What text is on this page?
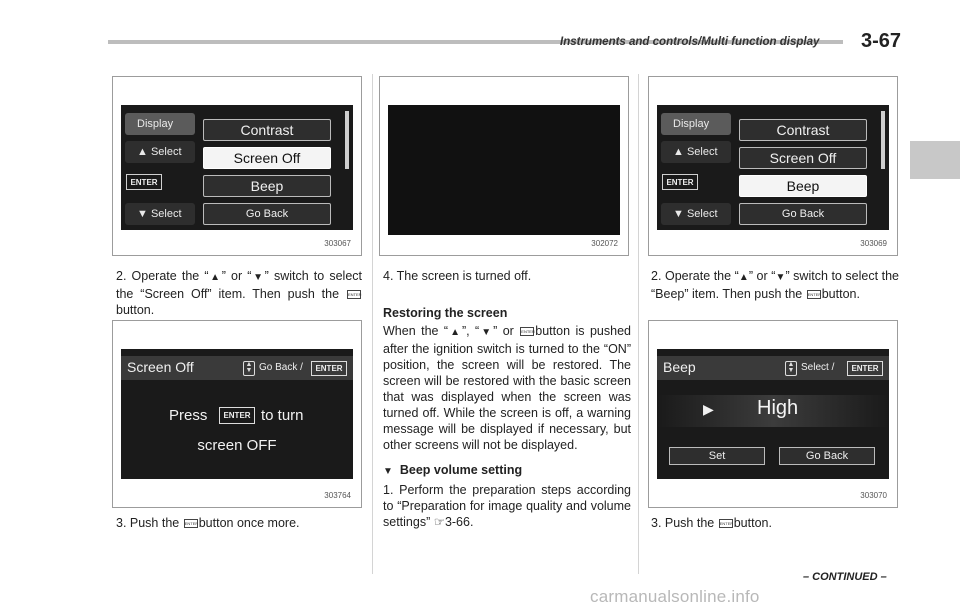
Instruments and controls/Multi function display 3-67
Display
▲ Select
ENTER
▼ Select
Contrast
Screen Off
Beep
Go Back
303067
2. Operate the “▲” or “▼” switch to select the “Screen Off” item. Then push the ENTERbutton.
Screen Off	▲
▼ Go Back /	ENTER
Press	ENTER to turn
screen OFF
303764
3. Push the ENTERbutton once more.
302072
4. The screen is turned off.
Restoring the screen
When the “▲”, “▼” or ENTERbutton is pushed after the ignition switch is turned to the “ON” position, the screen will be restored. The screen will be restored with the basic screen that was displayed when the screen was turned off. While the screen is off, a warning message will be displayed if necessary, but other screens will not be displayed.
▼ Beep volume setting
1. Perform the preparation steps according to “Preparation for image quality and volume settings” ☞3-66.
Display
▲ Select
ENTER
▼ Select
Contrast
Screen Off
Beep
Go Back
303069
2. Operate the “▲” or “▼” switch to select the “Beep” item. Then push the ENTERbutton.
Beep	▲
▼ Select /	ENTER
▶ High
Set	Go Back
303070
3. Push the ENTERbutton.
– CONTINUED –
carmanualsonline.info
